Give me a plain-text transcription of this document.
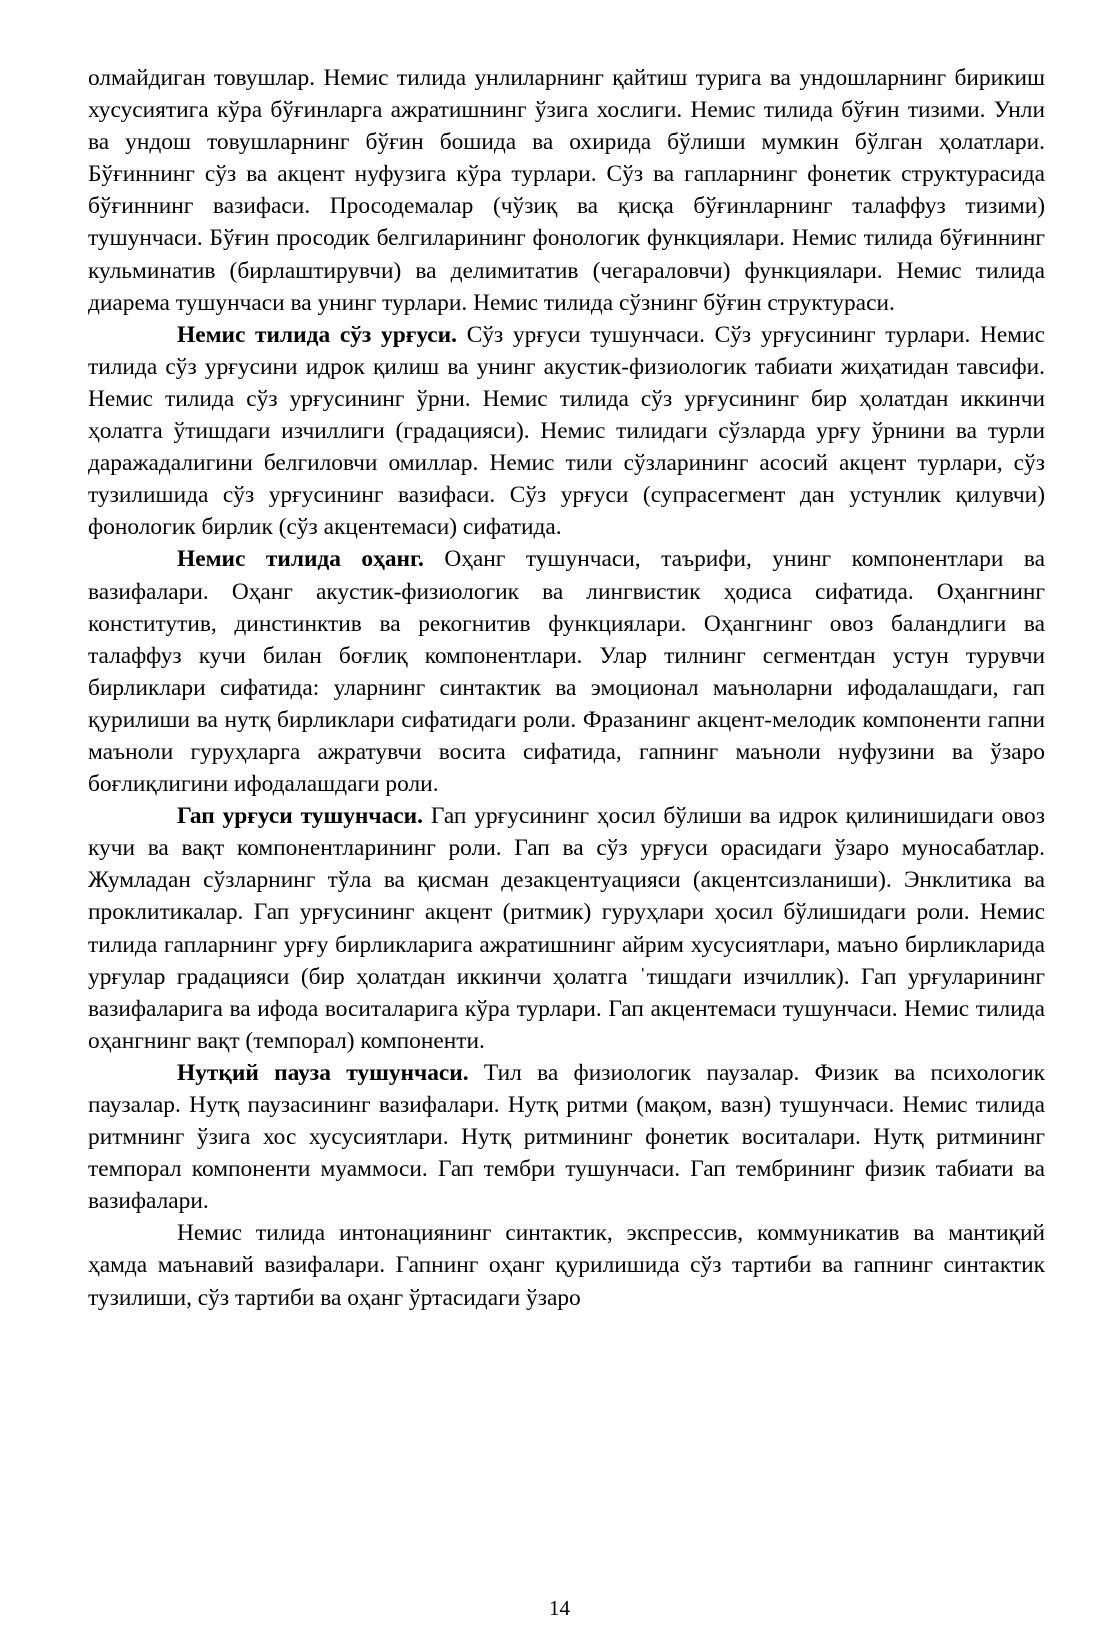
олмайдиган товушлар. Немис тилида унлиларнинг қайтиш турига ва ундошларнинг бирикиш хусусиятига кўра бўғинларга ажратишнинг ўзига хослиги. Немис тилида бўғин тизими. Унли ва ундош товушларнинг бўғин бошида ва охирида бўлиши мумкин бўлган ҳолатлари. Бўғиннинг сўз ва акцент нуфузига кўра турлари. Сўз ва гапларнинг фонетик структурасида бўғиннинг вазифаси. Просодемалар (чўзиқ ва қисқа бўғинларнинг талаффуз тизими) тушунчаси. Бўғин просодик белгиларининг фонологик функциялари. Немис тилида бўғиннинг кульминатив (бирлаштирувчи) ва делимитатив (чегараловчи) функциялари. Немис тилида диарема тушунчаси ва унинг турлари. Немис тилида сўзнинг бўғин структураси.

Немис тилида сўз урғуси. Сўз урғуси тушунчаси. Сўз урғусининг турлари. Немис тилида сўз урғусини идрок қилиш ва унинг акустик-физиологик табиати жиҳатидан тавсифи. Немис тилида сўз урғусининг ўрни. Немис тилида сўз урғусининг бир ҳолатдан иккинчи ҳолатга ўтишдаги изчиллиги (градацияси). Немис тилидаги сўзларда урғу ўрнини ва турли даражадалигини белгиловчи омиллар. Немис тили сўзларининг асосий акцент турлари, сўз тузилишида сўз урғусининг вазифаси. Сўз урғуси (супрасегмент дан устунлик қилувчи) фонологик бирлик (сўз акцентемаси) сифатида.

Немис тилида оҳанг. Оҳанг тушунчаси, таърифи, унинг компонентлари ва вазифалари. Оҳанг акустик-физиологик ва лингвистик ҳодиса сифатида. Оҳангнинг конститутив, динстинктив ва рекогнитив функциялари. Оҳангнинг овоз баландлиги ва талаффуз кучи билан боғлиқ компонентлари. Улар тилнинг сегментдан устун турувчи бирликлари сифатида: уларнинг синтактик ва эмоционал маъноларни ифодалашдаги, гап қурилиши ва нутқ бирликлари сифатидаги роли. Фразанинг акцент-мелодик компоненти гапни маъноли гуруҳларга ажратувчи восита сифатида, гапнинг маъноли нуфузини ва ўзаро боғлиқлигини ифодалашдаги роли.

Гап урғуси тушунчаси. Гап урғусининг ҳосил бўлиши ва идрок қилинишидаги овоз кучи ва вақт компонентларининг роли. Гап ва сўз урғуси орасидаги ўзаро муносабатлар. Жумладан сўзларнинг тўла ва қисман дезакцентуацияси (акцентсизланиши). Энклитика ва проклитикалар. Гап урғусининг акцент (ритмик) гуруҳлари ҳосил бўлишидаги роли. Немис тилида гапларнинг урғу бирликларига ажратишнинг айрим хусусиятлари, маъно бирликларида урғулар градацияси (бир ҳолатдан иккинчи ҳолатга ˈтишдаги изчиллик). Гап урғуларининг вазифаларига ва ифода воситаларига кўра турлари. Гап акцентемаси тушунчаси. Немис тилида оҳангнинг вақт (темпорал) компоненти.

Нутқий пауза тушунчаси. Тил ва физиологик паузалар. Физик ва психологик паузалар. Нутқ паузасининг вазифалари. Нутқ ритми (мақом, вазн) тушунчаси. Немис тилида ритмнинг ўзига хос хусусиятлари. Нутқ ритмининг фонетик воситалари. Нутқ ритмининг темпорал компоненти муаммоси. Гап тембри тушунчаси. Гап тембрининг физик табиати ва вазифалари.

Немис тилида интонациянинг синтактик, экспрессив, коммуникатив ва мантиқий ҳамда маънавий вазифалари. Гапнинг оҳанг қурилишида сўз тартиби ва гапнинг синтактик тузилиши, сўз тартиби ва оҳанг ўртасидаги ўзаро

14
